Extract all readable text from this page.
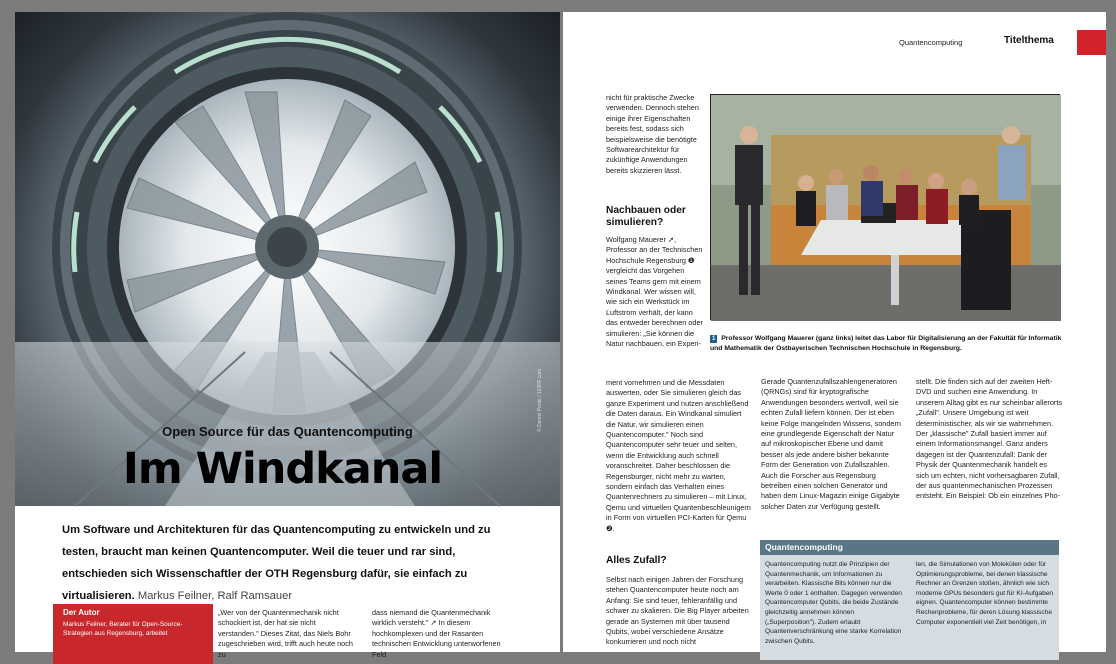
Open Source für das Quantencomputing
Im Windkanal
© Daniel Ponte / 123RF.com
Um Software und Architekturen für das Quantencomputing zu entwickeln und zu testen, braucht man keinen Quantencomputer. Weil die teuer und rar sind, entschieden sich Wissenschaftler der OTH Regensburg dafür, sie einfach zu virtualisieren. Markus Feilner, Ralf Ramsauer
Der Autor
Markus Feilner, Berater für Open-Source-Strategien aus Regensburg, arbeitet
„Wer von der Quantenmechanik nicht schockiert ist, der hat sie nicht verstanden." Dieses Zitat, das Niels Bohr zugeschrieben wird, trifft auch heute noch zu
dass niemand die Quantenmechanik wirklich versteht." ➚ In diesem hochkomplexen und der Rasanten technischen Entwicklung unterworfenen Feld
Quantencomputing	Titelthema
nicht für praktische Zwecke verwenden. Dennoch stehen einige ihrer Eigenschaften bereits fest, sodass sich beispielsweise die benötigte Softwarearchitektur für zukünftige Anwendungen bereits skizzieren lässt.
Nachbauen oder simulieren?
Wolfgang Mauerer ➚, Professor an der Technischen Hochschule Regensburg ❶ vergleicht das Vorgehen seines Teams gern mit einem Windkanal. Wer wissen will, wie sich ein Werkstück im Luftstrom verhält, der kann das entweder berechnen oder simulieren: „Sie können die Natur nachbauen, ein Experi-
ment vornehmen und die Messdaten auswerten, oder Sie simulieren gleich das ganze Experiment und nutzen anschließend die Daten daraus. Ein Windkanal simuliert die Natur, wir simulieren einen Quantencomputer." Noch sind Quantencomputer sehr teuer und selten, wenn die Entwicklung auch schnell voranschreitet. Daher beschlossen die Regensburger, nicht mehr zu warten, sondern einfach das Verhalten eines Quantenrechners zu simulieren – mit Linux, Qemu und virtuellen Quantenbeschleunigern in Form von virtuellen PCI-Karten für Qemu ❷.
Alles Zufall?
Selbst nach einigen Jahren der Forschung stehen Quantencomputer heute noch am Anfang: Sie sind teuer, fehleranfällig und schwer zu skalieren. Die Big Player arbeiten gerade an Systemen mit über tausend Qubits, wobei verschiedene Ansätze konkurrieren und noch nicht
Gerade Quantenzufallszahlengeneratoren (QRNGs) sind für kryptografische Anwendungen besonders wertvoll, weil sie echten Zufall liefern können. Der ist eben keine Folge mangelnden Wissens, sondern eine grundlegende Eigenschaft der Natur auf mikroskopischer Ebene und damit besser als jede andere bisher bekannte Form der Generation von Zufallszahlen. Auch die Forscher aus Regensburg betreiben einen solchen Generator und haben dem Linux-Magazin einige Gigabyte solcher Daten zur Verfügung gestellt.
stellt. Die finden sich auf der zweiten Heft-DVD und suchen eine Anwendung. In unserem Alltag gibt es nur scheinbar allerorts „Zufall". Unsere Umgebung ist weit deterministischer, als wir sie wahrnehmen. Der „klassische" Zufall basiert immer auf einem Informationsmangel. Ganz anders dagegen ist der Quantenzufall: Dank der Physik der Quantenmechanik handelt es sich um echten, nicht vorhersagbaren Zufall, der aus quantenmechanischen Prozessen entsteht. Ein Beispiel: Ob ein einzelnes Pho-
1 Professor Wolfgang Mauerer (ganz links) leitet das Labor für Digitalisierung an der Fakultät für Informatik und Mathematik der Ostbayerischen Technischen Hochschule in Regensburg.
Quantencomputing
Quantencomputing nutzt die Prinzipien der Quantenmechanik, um Informationen zu verarbeiten. Klassische Bits können nur die Werte 0 oder 1 enthalten. Dagegen verwenden Quantencomputer Qubits, die beide Zustände gleichzeitig annehmen können („Superposition"). Zudem erlaubt Quantenverschränkung eine starke Korrelation zwischen Qubits.
len, die Simulationen von Molekülen oder für Optimierungsprobleme, bei denen klassische Rechner an Grenzen stoßen, ähnlich wie sich moderne GPUs besonders gut für KI-Aufgaben eignen. Quantencomputer können bestimmte Rechenprobleme, für deren Lösung klassische Computer exponentiell viel Zeit benötigen, in
